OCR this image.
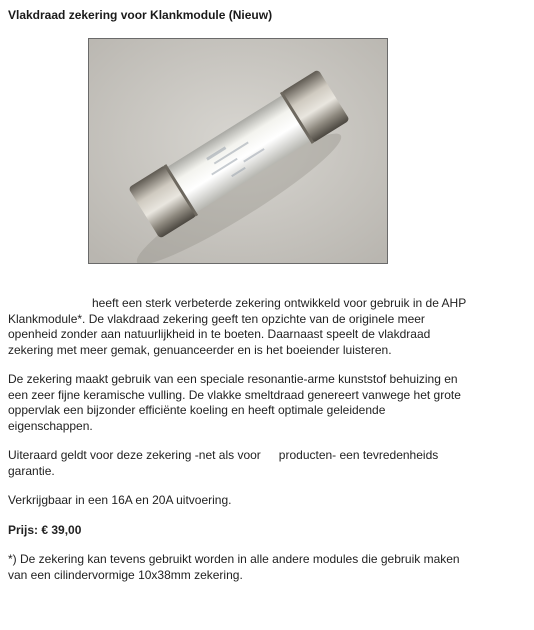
Vlakdraad zekering voor Klankmodule (Nieuw)

heeft een sterk verbeterde zekering ontwikkeld voor gebruik in de AHP Klankmodule*. De vlakdraad zekering geeft ten opzichte van de originele meer openheid zonder aan natuurlijkheid in te boeten. Daarnaast speelt de vlakdraad zekering met meer gemak, genuanceerder en is het boeiender luisteren.

De zekering maakt gebruik van een speciale resonantie-arme kunststof behuizing en een zeer fijne keramische vulling. De vlakke smeltdraad genereert vanwege het grote oppervlak een bijzonder efficiënte koeling en heeft optimale geleidende eigenschappen.

Uiteraard geldt voor deze zekering -net als voor producten- een tevredenheids garantie.

Verkrijgbaar in een 16A en 20A uitvoering.

Prijs: € 39,00

*) De zekering kan tevens gebruikt worden in alle andere modules die gebruik maken van een cilindervormige 10x38mm zekering.
